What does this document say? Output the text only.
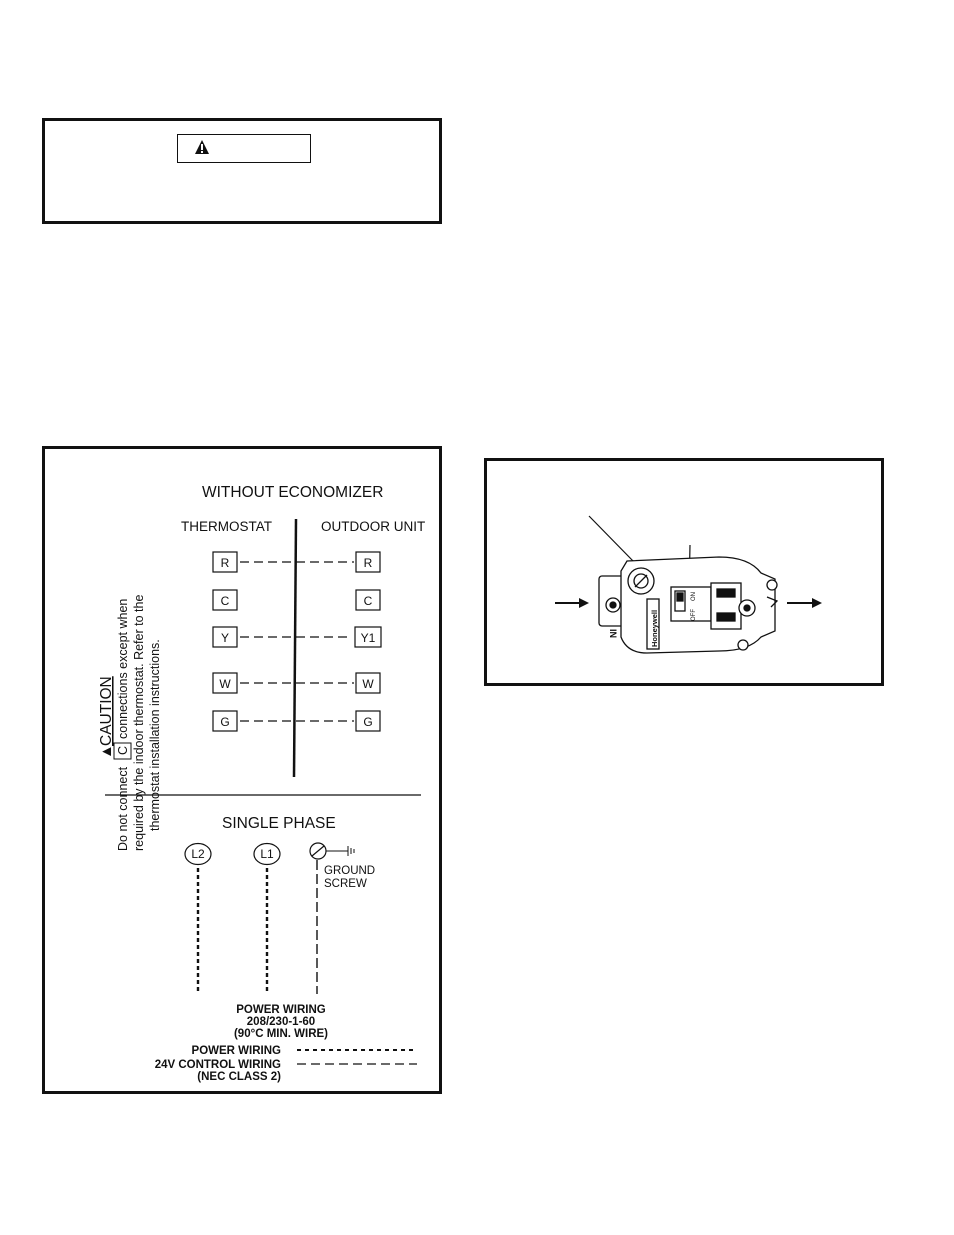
WITHOUT ECONOMIZER
THERMOSTAT	OUTDOOR UNIT
R
C
Y
W
G
R
C
Y1
W
G
▲
CAUTION
Do not connect
C
connections except when required by the indoor thermostat. Refer to the thermostat installation instructions.	SINGLE PHASE
L2	L1
GROUND
SCREW
POWER WIRING
208/230-1-60
(90°C MIN. WIRE)
POWER WIRING
24V CONTROL WIRING
(NEC CLASS 2)
OFF
ON
Honeywell
IN
